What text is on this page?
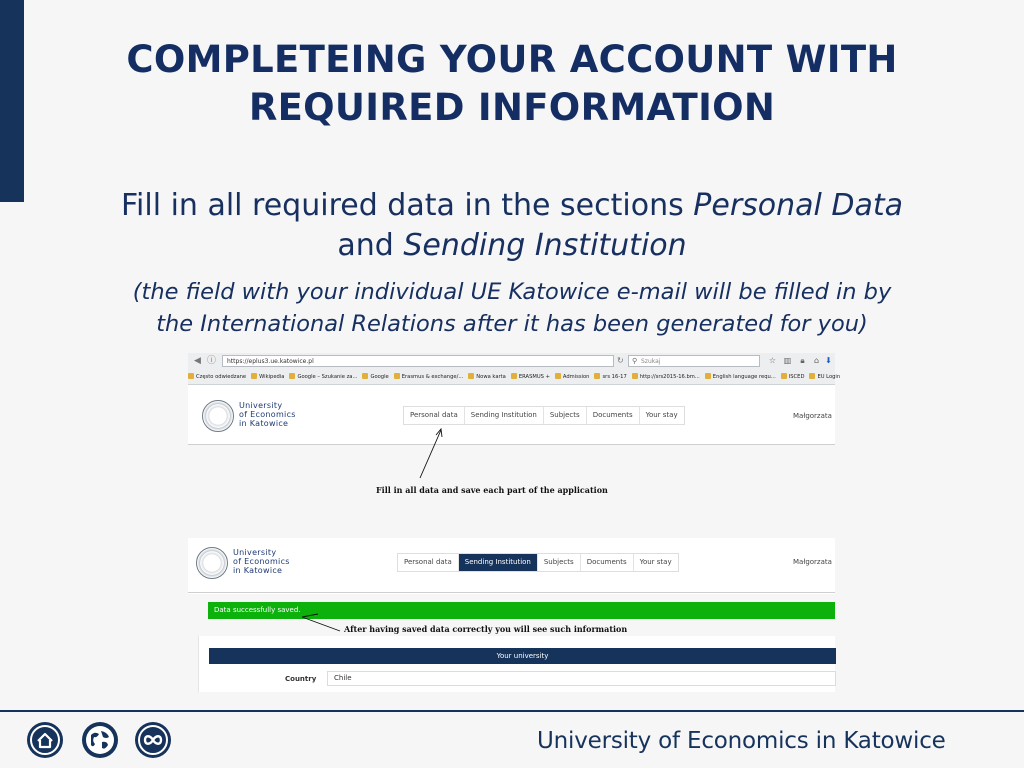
COMPLETEING YOUR ACCOUNT WITH
REQUIRED INFORMATION
Fill in all required data in the sections Personal Data
and Sending Institution
(the field with your individual UE Katowice e-mail will be filled in by
the International Relations after it has been generated for you)
◀ ⓘ	https://eplus3.ue.katowice.pl	↻ ⚲ Szukaj	☆ ▥ 🔒︎ ⌂ ⬇
Często odwiedzane	Wikipedia	Google – Szukanie za...	Google	Erasmus & exchange/...	Nowa karta	ERASMUS +	Admission	srs 16-17	http://srs2015-16.bm...	English language requ...	ISCED	EU Login
University
of Economics
in Katowice
Personal data	Sending Institution	Subjects	Documents	Your stay	Małgorzata
Fill in all data and save each part of the application
University
of Economics
in Katowice
Personal data	Sending Institution	Subjects	Documents	Your stay	Małgorzata
Data successfully saved.
Your university
Country	Chile
After having saved data correctly you will see such information
University of Economics in Katowice
